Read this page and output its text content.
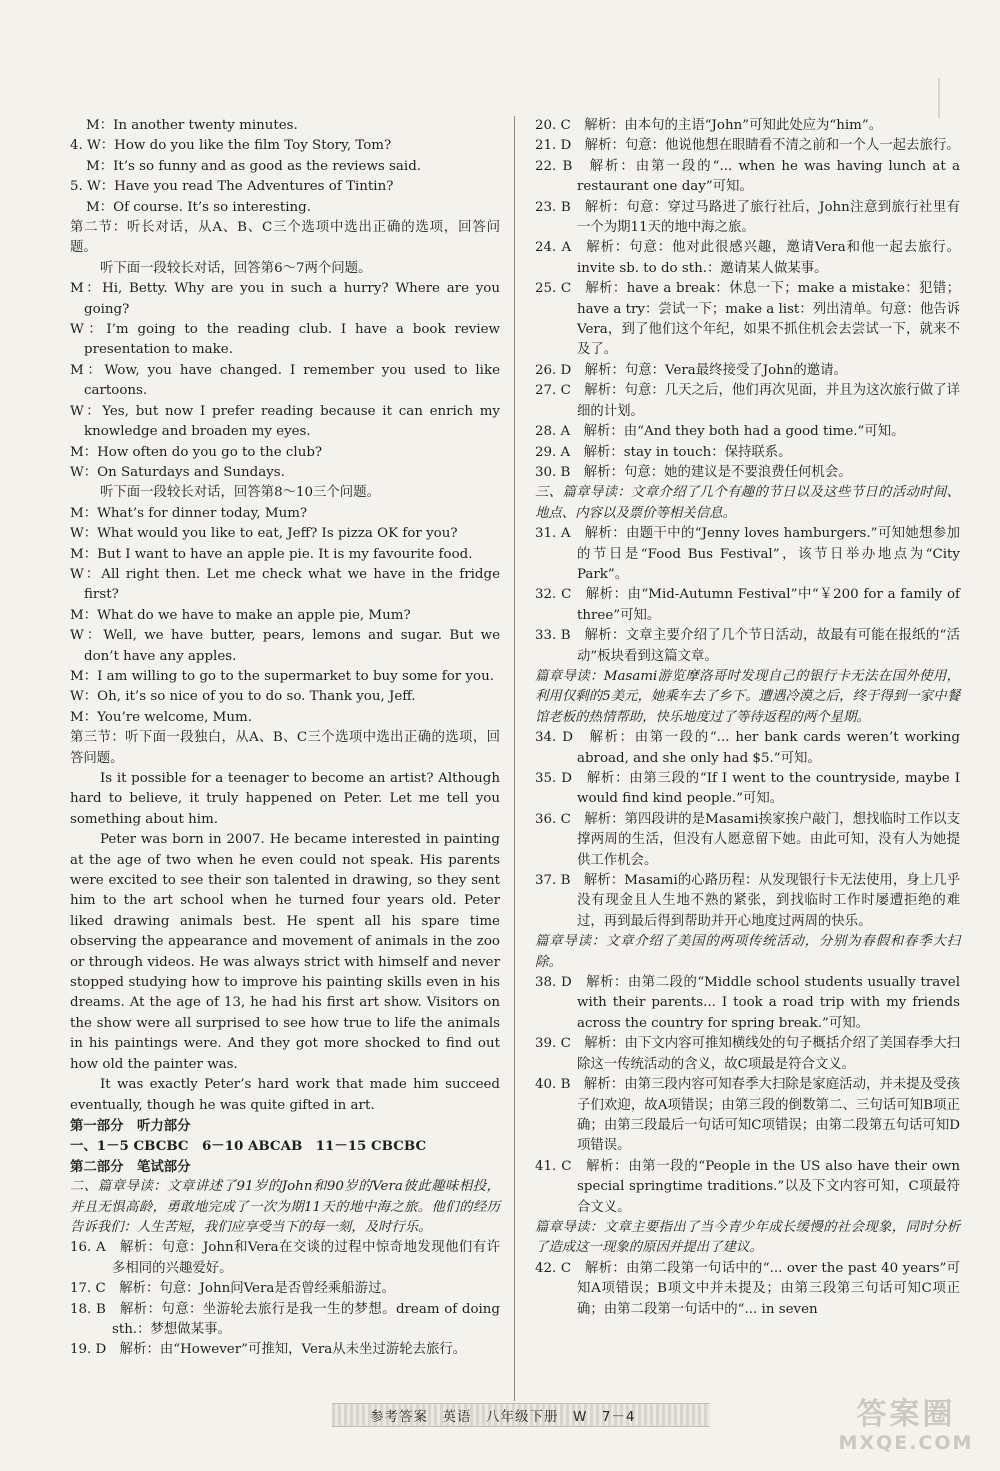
M：In another twenty minutes.

4. W：How do you like the film Toy Story, Tom?

M：It’s so funny and as good as the reviews said.

5. W：Have you read The Adventures of Tintin?

M：Of course. It’s so interesting.

第二节：听长对话，从A、B、C三个选项中选出正确的选项，回答问题。

听下面一段较长对话，回答第6～7两个问题。

M：Hi, Betty. Why are you in such a hurry? Where are you going?

W：I’m going to the reading club. I have a book review presentation to make.

M：Wow, you have changed. I remember you used to like cartoons.

W：Yes, but now I prefer reading because it can enrich my knowledge and broaden my eyes.

M：How often do you go to the club?

W：On Saturdays and Sundays.

听下面一段较长对话，回答第8～10三个问题。

M：What’s for dinner today, Mum?

W：What would you like to eat, Jeff? Is pizza OK for you?

M：But I want to have an apple pie. It is my favourite food.

W：All right then. Let me check what we have in the fridge first?

M：What do we have to make an apple pie, Mum?

W：Well, we have butter, pears, lemons and sugar. But we don’t have any apples.

M：I am willing to go to the supermarket to buy some for you.

W：Oh, it’s so nice of you to do so. Thank you, Jeff.

M：You’re welcome, Mum.

第三节：听下面一段独白，从A、B、C三个选项中选出正确的选项，回答问题。

Is it possible for a teenager to become an artist? Although hard to believe, it truly happened on Peter. Let me tell you something about him.

Peter was born in 2007. He became interested in painting at the age of two when he even could not speak. His parents were excited to see their son talented in drawing, so they sent him to the art school when he turned four years old. Peter liked drawing animals best. He spent all his spare time observing the appearance and movement of animals in the zoo or through videos. He was always strict with himself and never stopped studying how to improve his painting skills even in his dreams. At the age of 13, he had his first art show. Visitors on the show were all surprised to see how true to life the animals in his paintings were. And they got more shocked to find out how old the painter was.

It was exactly Peter’s hard work that made him succeed eventually, though he was quite gifted in art.

第一部分　听力部分

一、1－5 CBCBC　6－10 ABCAB　11－15 CBCBC

第二部分　笔试部分

二、篇章导读：文章讲述了91岁的John和90岁的Vera彼此趣味相投，并且无惧高龄，勇敢地完成了一次为期11天的地中海之旅。他们的经历告诉我们：人生苦短，我们应享受当下的每一刻，及时行乐。

16. A　解析：句意：John和Vera在交谈的过程中惊奇地发现他们有许多相同的兴趣爱好。

17. C　解析：句意：John问Vera是否曾经乘船游过。

18. B　解析：句意：坐游轮去旅行是我一生的梦想。dream of doing sth.：梦想做某事。

19. D　解析：由“However”可推知，Vera从未坐过游轮去旅行。

20. C　解析：由本句的主语“John”可知此处应为“him”。

21. D　解析：句意：他说他想在眼睛看不清之前和一个人一起去旅行。

22. B　解析：由第一段的“... when he was having lunch at a restaurant one day”可知。

23. B　解析：句意：穿过马路进了旅行社后，John注意到旅行社里有一个为期11天的地中海之旅。

24. A　解析：句意：他对此很感兴趣，邀请Vera和他一起去旅行。invite sb. to do sth.：邀请某人做某事。

25. C　解析：have a break：休息一下；make a mistake：犯错；have a try：尝试一下；make a list：列出清单。句意：他告诉Vera，到了他们这个年纪，如果不抓住机会去尝试一下，就来不及了。

26. D　解析：句意：Vera最终接受了John的邀请。

27. C　解析：句意：几天之后，他们再次见面，并且为这次旅行做了详细的计划。

28. A　解析：由“And they both had a good time.”可知。

29. A　解析：stay in touch：保持联系。

30. B　解析：句意：她的建议是不要浪费任何机会。

三、篇章导读：文章介绍了几个有趣的节日以及这些节日的活动时间、地点、内容以及票价等相关信息。

31. A　解析：由题干中的“Jenny loves hamburgers.”可知她想参加的节日是“Food Bus Festival”，该节日举办地点为“City Park”。

32. C　解析：由“Mid-Autumn Festival”中“￥200 for a family of three”可知。

33. B　解析：文章主要介绍了几个节日活动，故最有可能在报纸的“活动”板块看到这篇文章。

篇章导读：Masami游览摩洛哥时发现自己的银行卡无法在国外使用，利用仅剩的5美元，她乘车去了乡下。遭遇冷漠之后，终于得到一家中餐馆老板的热情帮助，快乐地度过了等待返程的两个星期。

34. D　解析：由第一段的“... her bank cards weren’t working abroad, and she only had $5.”可知。

35. D　解析：由第三段的“If I went to the countryside, maybe I would find kind people.”可知。

36. C　解析：第四段讲的是Masami挨家挨户敲门，想找临时工作以支撑两周的生活，但没有人愿意留下她。由此可知，没有人为她提供工作机会。

37. B　解析：Masami的心路历程：从发现银行卡无法使用，身上几乎没有现金且人生地不熟的紧张，到找临时工作时屡遭拒绝的难过，再到最后得到帮助并开心地度过两周的快乐。

篇章导读：文章介绍了美国的两项传统活动，分别为春假和春季大扫除。

38. D　解析：由第二段的“Middle school students usually travel with their parents... I took a road trip with my friends across the country for spring break.”可知。

39. C　解析：由下文内容可推知横线处的句子概括介绍了美国春季大扫除这一传统活动的含义，故C项最是符合文义。

40. B　解析：由第三段内容可知春季大扫除是家庭活动，并未提及受孩子们欢迎，故A项错误；由第三段的倒数第二、三句话可知B项正确；由第三段最后一句话可知C项错误；由第二段第五句话可知D项错误。

41. C　解析：由第一段的“People in the US also have their own special springtime traditions.”以及下文内容可知，C项最符合文义。

篇章导读：文章主要指出了当今青少年成长缓慢的社会现象，同时分析了造成这一现象的原因并提出了建议。

42. C　解析：由第二段第一句话中的“... over the past 40 years”可知A项错误；B项文中并未提及；由第三段第三句话可知C项正确；由第二段第一句话中的“... in seven

参考答案　英语　八年级下册　W　7－4	答案圈
MXQE.COM
